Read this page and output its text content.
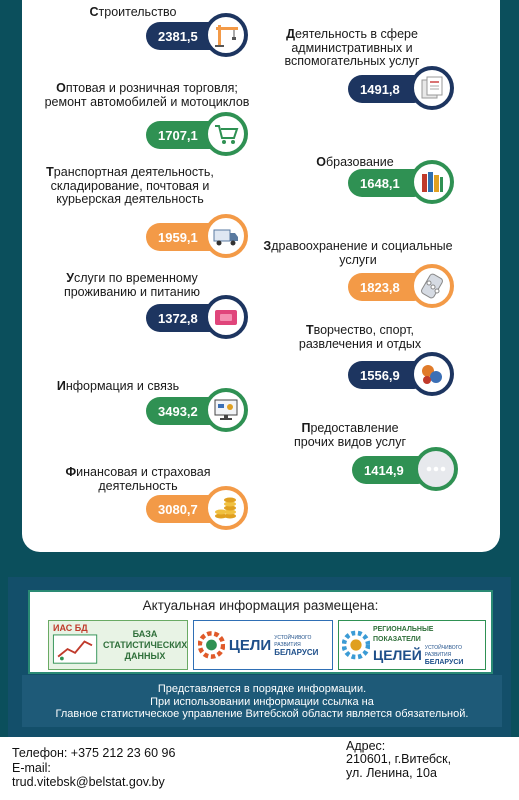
Строительство
2381,5	Деятельность в сфере административных и вспомогательных услуг
1491,8
Оптовая и розничная торговля; ремонт автомобилей и мотоциклов
1707,1
Образование
1648,1
Транспортная деятельность, складирование, почтовая и курьерская деятельность
1959,1
Здравоохранение и социальные услуги
1823,8
Услуги по временному проживанию и питанию
1372,8
Творчество, спорт, развлечения и отдых
1556,9
Информация и связь
3493,2
Предоставление прочих видов услуг
1414,9
Финансовая и страховая деятельность
3080,7
Актуальная информация размещена:
ИАС БД
БАЗА СТАТИСТИЧЕСКИХ ДАННЫХ
ЦЕЛИ УСТОЙЧИВОГО РАЗВИТИЯ
БЕЛАРУСИ
РЕГИОНАЛЬНЫЕ ПОКАЗАТЕЛИ
ЦЕЛЕЙ УСТОЙЧИВОГО РАЗВИТИЯ
БЕЛАРУСИ
Представляется в порядке информации.
При использовании информации ссылка на
Главное статистическое управление Витебской области является обязательной.
Телефон: +375 212 23 60 96
E-mail:
trud.vitebsk@belstat.gov.by
Адрес:
210601, г.Витебск,
ул. Ленина, 10а
